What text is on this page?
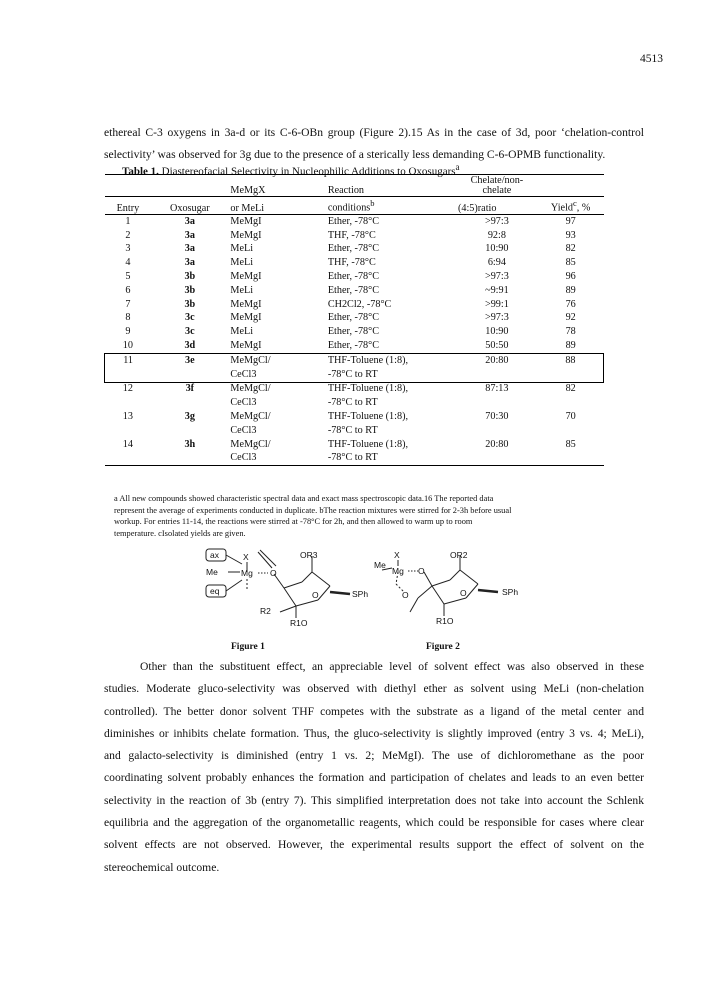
4513
ethereal C-3 oxygens in 3a-d or its C-6-OBn group (Figure 2).15 As in the case of 3d, poor ‘chelation-control
selectivity’ was observed for 3g due to the presence of a sterically less demanding C-6-OPMB functionality.
Table 1. Diastereofacial Selectivity in Nucleophilic Additions to Oxosugars$^a$
		MeMgX	Reaction	Chelate/non-chelate	
Entry	Oxosugar	or MeLi	conditions$^b$	(4:5)ratio	Yield$^c$, %
1	3a	MeMgI	Ether, -78°C	>97:3	97
2	3a	MeMgI	THF, -78°C	92:8	93
3	3a	MeLi	Ether, -78°C	10:90	82
4	3a	MeLi	THF, -78°C	6:94	85
5	3b	MeMgI	Ether, -78°C	>97:3	96
6	3b	MeLi	Ether, -78°C	~9:91	89
7	3b	MeMgI	CH2Cl2, -78°C	>99:1	76
8	3c	MeMgI	Ether, -78°C	>97:3	92
9	3c	MeLi	Ether, -78°C	10:90	78
10	3d	MeMgI	Ether, -78°C	50:50	89
11	3e	MeMgCl/	THF-Toluene (1:8),	20:80	88
		CeCl3	-78°C to RT		
12	3f	MeMgCl/	THF-Toluene (1:8),	87:13	82
		CeCl3	-78°C to RT		
13	3g	MeMgCl/	THF-Toluene (1:8),	70:30	70
		CeCl3	-78°C to RT		
14	3h	MeMgCl/	THF-Toluene (1:8),	20:80	85
		CeCl3	-78°C to RT		
a All new compounds showed characteristic spectral data and exact mass spectroscopic data.16 The reported data
represent the average of experiments conducted in duplicate. bThe reaction mixtures were stirred for 2-3h before usual
workup. For entries 11-14, the reactions were stirred at -78°C for 2h, and then allowed to warm up to room
temperature. cIsolated yields are given.
ax
eq
X
Me	Mg O
OR3
O	SPh
R2
R1O
X
Me
Mg O
OR2
O	SPh
O
R1O
Figure 1	Figure 2
Other than the substituent effect, an appreciable level of solvent effect was also observed in these
studies. Moderate gluco-selectivity was observed with diethyl ether as solvent using MeLi (non-chelation
controlled). The better donor solvent THF competes with the substrate as a ligand of the metal center and
diminishes or inhibits chelate formation. Thus, the gluco-selectivity is slightly improved (entry 3 vs. 4; MeLi),
and galacto-selectivity is diminished (entry 1 vs. 2; MeMgI). The use of dichloromethane as the poor
coordinating solvent probably enhances the formation and participation of chelates and leads to an even better
selectivity in the reaction of 3b (entry 7). This simplified interpretation does not take into account the Schlenk
equilibria and the aggregation of the organometallic reagents, which could be responsible for cases where clear
solvent effects are not observed. However, the experimental results support the effect of solvent on the
stereochemical outcome.
